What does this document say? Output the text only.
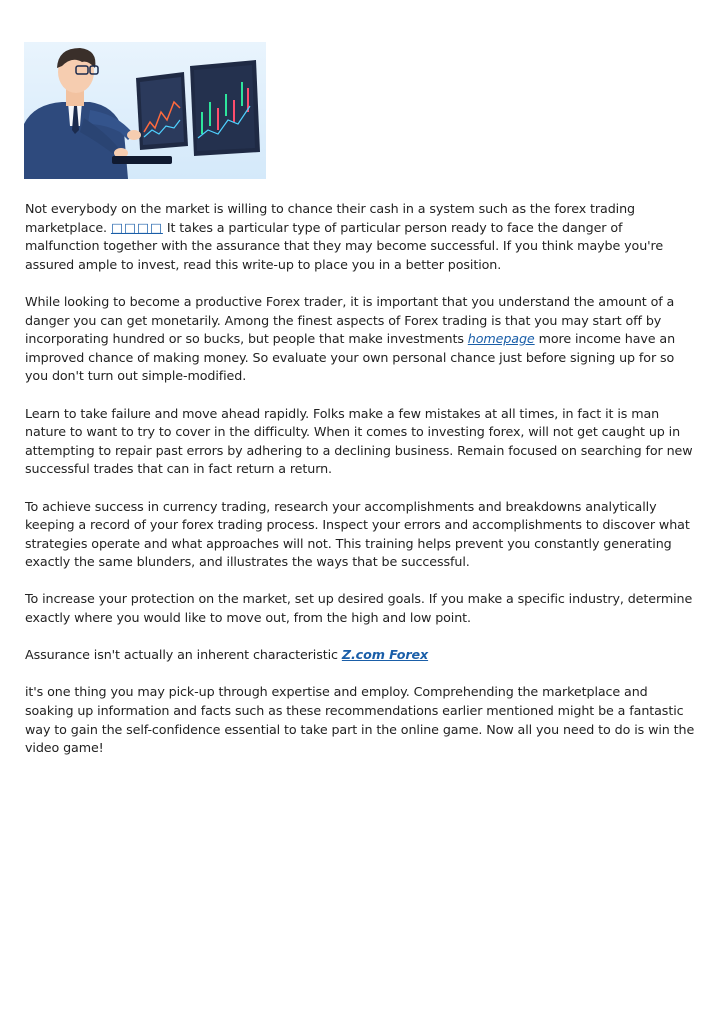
Not everybody on the market is willing to chance their cash in a system such as the forex trading marketplace. □□□□ It takes a particular type of particular person ready to face the danger of malfunction together with the assurance that they may become successful. If you think maybe you're assured ample to invest, read this write-up to place you in a better position.

While looking to become a productive Forex trader, it is important that you understand the amount of a danger you can get monetarily. Among the finest aspects of Forex trading is that you may start off by incorporating hundred or so bucks, but people that make investments homepage more income have an improved chance of making money. So evaluate your own personal chance just before signing up for so you don't turn out simple-modified.

Learn to take failure and move ahead rapidly. Folks make a few mistakes at all times, in fact it is man nature to want to try to cover in the difficulty. When it comes to investing forex, will not get caught up in attempting to repair past errors by adhering to a declining business. Remain focused on searching for new successful trades that can in fact return a return.

To achieve success in currency trading, research your accomplishments and breakdowns analytically keeping a record of your forex trading process. Inspect your errors and accomplishments to discover what strategies operate and what approaches will not. This training helps prevent you constantly generating exactly the same blunders, and illustrates the ways that be successful.

To increase your protection on the market, set up desired goals. If you make a specific industry, determine exactly where you would like to move out, from the high and low point.

Assurance isn't actually an inherent characteristic Z.com Forex

it's one thing you may pick-up through expertise and employ. Comprehending the marketplace and soaking up information and facts such as these recommendations earlier mentioned might be a fantastic way to gain the self-confidence essential to take part in the online game. Now all you need to do is win the video game!
